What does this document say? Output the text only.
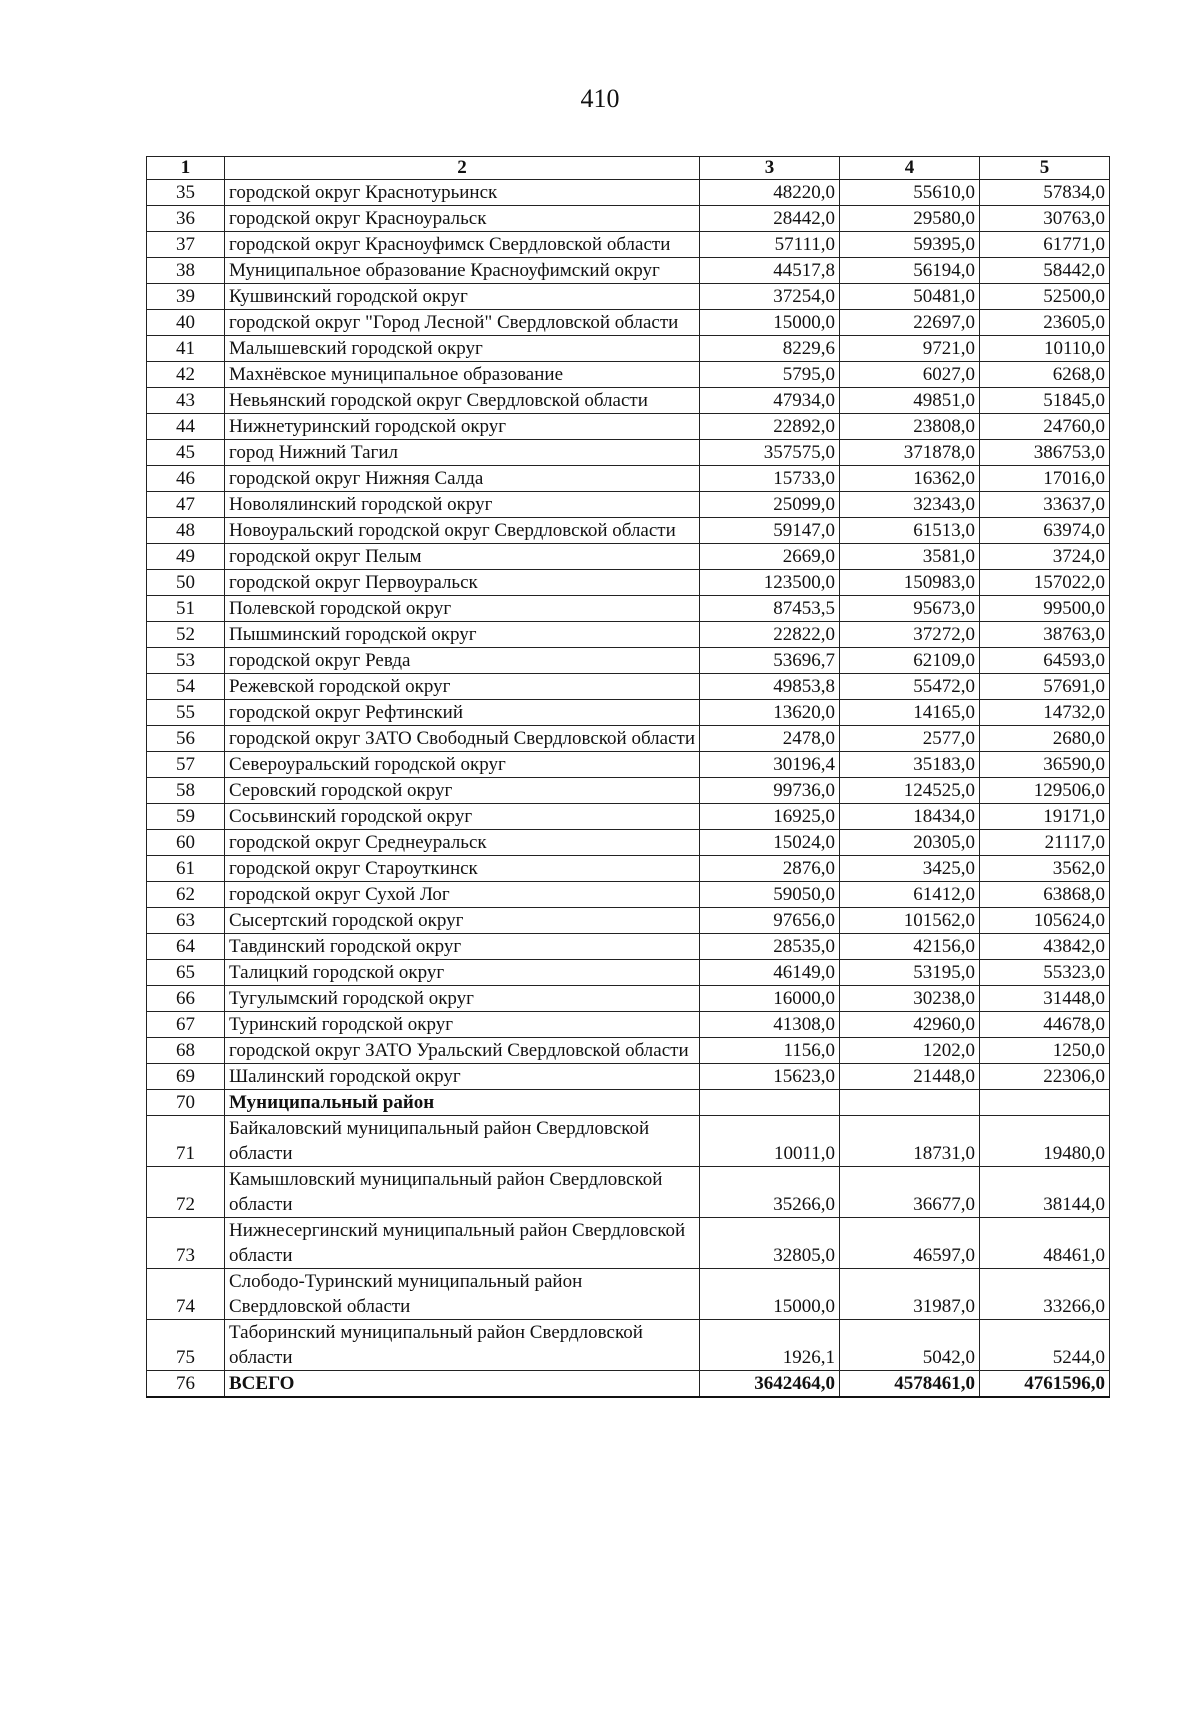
410
1	2	3	4	5
35	городской округ Краснотурьинск	48220,0	55610,0	57834,0
36	городской округ Красноуральск	28442,0	29580,0	30763,0
37	городской округ Красноуфимск Свердловской области	57111,0	59395,0	61771,0
38	Муниципальное образование Красноуфимский округ	44517,8	56194,0	58442,0
39	Кушвинский городской округ	37254,0	50481,0	52500,0
40	городской округ "Город Лесной" Свердловской области	15000,0	22697,0	23605,0
41	Малышевский городской округ	8229,6	9721,0	10110,0
42	Махнёвское муниципальное образование	5795,0	6027,0	6268,0
43	Невьянский городской округ Свердловской области	47934,0	49851,0	51845,0
44	Нижнетуринский городской округ	22892,0	23808,0	24760,0
45	город Нижний Тагил	357575,0	371878,0	386753,0
46	городской округ Нижняя Салда	15733,0	16362,0	17016,0
47	Новолялинский городской округ	25099,0	32343,0	33637,0
48	Новоуральский городской округ Свердловской области	59147,0	61513,0	63974,0
49	городской округ Пелым	2669,0	3581,0	3724,0
50	городской округ Первоуральск	123500,0	150983,0	157022,0
51	Полевской городской округ	87453,5	95673,0	99500,0
52	Пышминский городской округ	22822,0	37272,0	38763,0
53	городской округ Ревда	53696,7	62109,0	64593,0
54	Режевской городской округ	49853,8	55472,0	57691,0
55	городской округ Рефтинский	13620,0	14165,0	14732,0
56	городской округ ЗАТО Свободный Свердловской области	2478,0	2577,0	2680,0
57	Североуральский городской округ	30196,4	35183,0	36590,0
58	Серовский городской округ	99736,0	124525,0	129506,0
59	Сосьвинский городской округ	16925,0	18434,0	19171,0
60	городской округ Среднеуральск	15024,0	20305,0	21117,0
61	городской округ Староуткинск	2876,0	3425,0	3562,0
62	городской округ Сухой Лог	59050,0	61412,0	63868,0
63	Сысертский городской округ	97656,0	101562,0	105624,0
64	Тавдинский городской округ	28535,0	42156,0	43842,0
65	Талицкий городской округ	46149,0	53195,0	55323,0
66	Тугулымский городской округ	16000,0	30238,0	31448,0
67	Туринский городской округ	41308,0	42960,0	44678,0
68	городской округ ЗАТО Уральский Свердловской области	1156,0	1202,0	1250,0
69	Шалинский городской округ	15623,0	21448,0	22306,0
70	Муниципальный район			
71	Байкаловский муниципальный район Свердловской области	10011,0	18731,0	19480,0
72	Камышловский муниципальный район Свердловской области	35266,0	36677,0	38144,0
73	Нижнесергинский муниципальный район Свердловской области	32805,0	46597,0	48461,0
74	Слободо-Туринский муниципальный район Свердловской области	15000,0	31987,0	33266,0
75	Таборинский муниципальный район Свердловской области	1926,1	5042,0	5244,0
76	ВСЕГО	3642464,0	4578461,0	4761596,0
